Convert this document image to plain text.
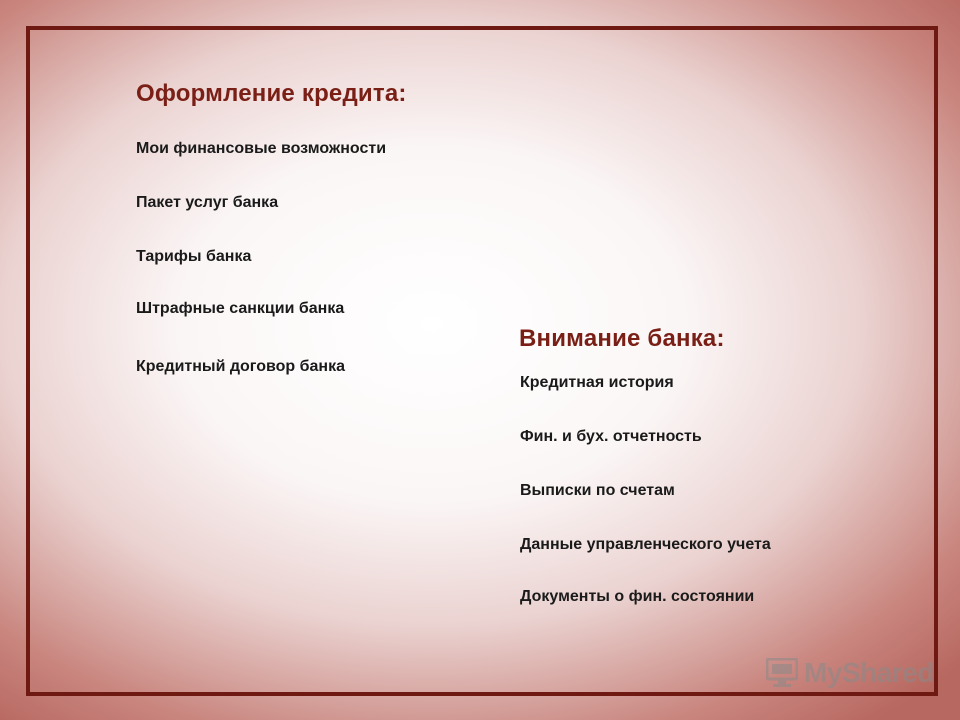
Оформление кредита:
Мои финансовые возможности
Пакет услуг банка
Тарифы банка
Штрафные санкции банка
Кредитный договор банка
Внимание банка:
Кредитная история
Фин. и бух. отчетность
Выписки по счетам
Данные управленческого учета
Документы о фин. состоянии
MyShared
